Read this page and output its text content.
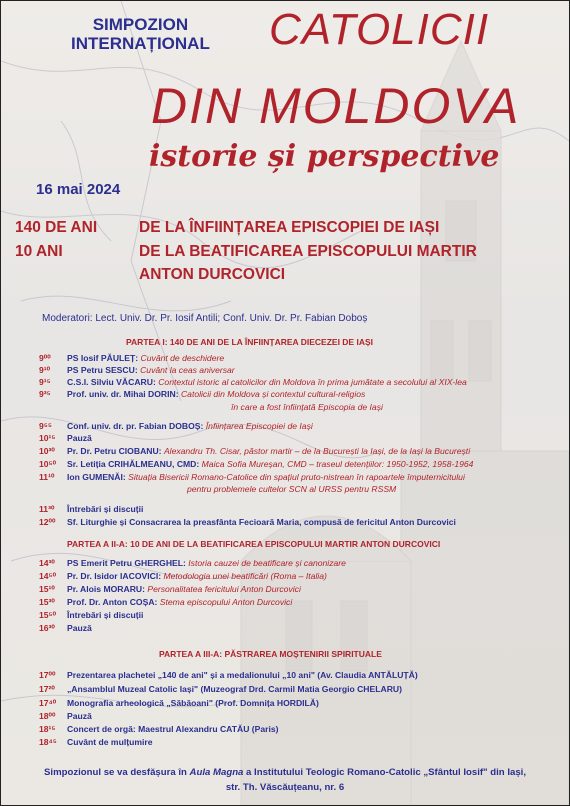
SIMPOZION
INTERNAȚIONAL CATOLICII
DIN MOLDOVA
istorie și perspective
16 mai 2024
140 DE ANI	DE LA ÎNFIINȚAREA EPISCOPIEI DE IAȘI
10 ANI	DE LA BEATIFICAREA EPISCOPULUI MARTIR
ANTON DURCOVICI
Moderatori: Lect. Univ. Dr. Pr. Iosif Antili; Conf. Univ. Dr. Pr. Fabian Doboș
PARTEA I: 140 DE ANI DE LA ÎNFIINȚAREA DIECEZEI DE IAȘI
9⁰⁰ PS Iosif PĂULEȚ: Cuvânt de deschidere
9¹⁰ PS Petru SESCU: Cuvânt la ceas aniversar
9¹⁵ C.S.I. Silviu VĂCARU: Contextul istoric al catolicilor din Moldova în prima jumătate a secolului al XIX-lea
9³⁵ Prof. univ. dr. Mihai DORIN: Catolicii din Moldova și contextul cultural-religios
în care a fost înființată Episcopia de Iași
9⁵⁵ Conf. univ. dr. pr. Fabian DOBOȘ: Înființarea Episcopiei de Iași
10¹⁵ Pauză
10³⁰ Pr. Dr. Petru CIOBANU: Alexandru Th. Cisar, păstor martir – de la București la Iași, de la Iași la București
10⁵⁰ Sr. Letiția CRIHĂLMEANU, CMD: Maica Sofia Mureșan, CMD – traseul detențiilor: 1950-1952, 1958-1964
11¹⁰ Ion GUMENĂI: Situația Bisericii Romano-Catolice din spațiul pruto-nistrean în rapoartele împuternicitului
pentru problemele cultelor SCN al URSS pentru RSSM
11³⁰ Întrebări și discuții
12⁰⁰ Sf. Liturghie și Consacrarea la preasfânta Fecioară Maria, compusă de fericitul Anton Durcovici
PARTEA A II-A: 10 DE ANI DE LA BEATIFICAREA EPISCOPULUI MARTIR ANTON DURCOVICI
14³⁰ PS Emerit Petru GHERGHEL: Istoria cauzei de beatificare și canonizare
14⁵⁰ Pr. Dr. Isidor IACOVICI: Metodologia unei beatificări (Roma – Italia)
15¹⁰ Pr. Alois MORARU: Personalitatea fericitului Anton Durcovici
15³⁰ Prof. Dr. Anton COȘA: Stema episcopului Anton Durcovici
15⁵⁰ Întrebări și discuții
16³⁰ Pauză
PARTEA A III-A: PĂSTRAREA MOȘTENIRII SPIRITUALE
17⁰⁰ Prezentarea plachetei „140 de ani" și a medalionului „10 ani" (Av. Claudia ANTĂLUȚĂ)
17²⁰ „Ansamblul Muzeal Catolic Iași" (Muzeograf Drd. Carmil Matia Georgio CHELARU)
17⁴⁰ Monografia arheologică „Săbăoani" (Prof. Domnița HORDILĂ)
18⁰⁰ Pauză
18¹⁵ Concert de orgă: Maestrul Alexandru CATĂU (Paris)
18⁴⁵ Cuvânt de mulțumire
Simpozionul se va desfășura în Aula Magna a Institutului Teologic Romano-Catolic „Sfântul Iosif" din Iași,
str. Th. Văscăuțeanu, nr. 6
